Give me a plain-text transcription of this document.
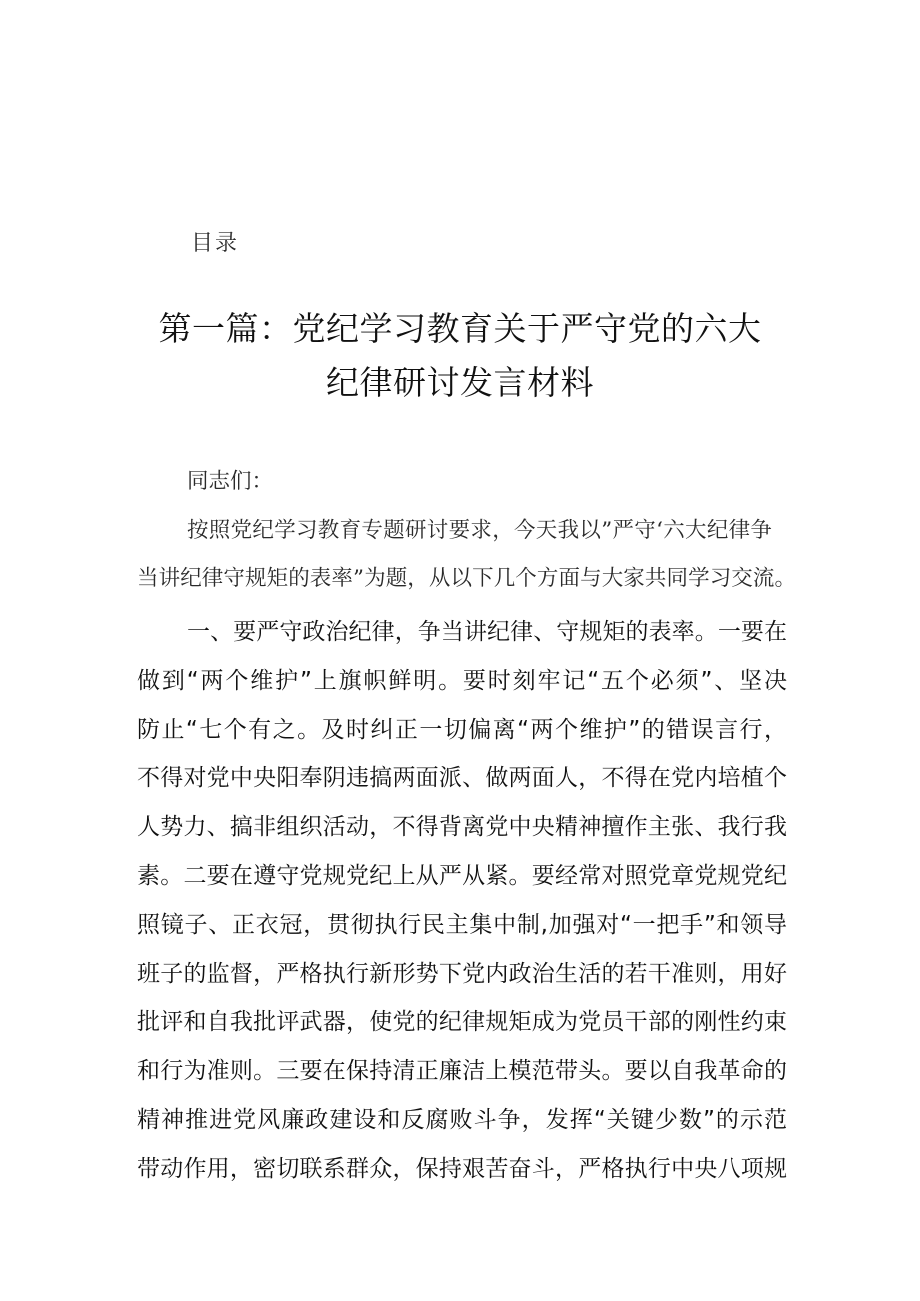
目录
第一篇：党纪学习教育关于严守党的六大
纪律研讨发言材料
同志们：
按照党纪学习教育专题研讨要求，今天我以”严守‘六大纪律争
当讲纪律守规矩的表率”为题，从以下几个方面与大家共同学习交流。
一、要严守政治纪律，争当讲纪律、守规矩的表率。一要在
做到“两个维护”上旗帜鲜明。要时刻牢记“五个必须”、坚决
防止“七个有之。及时纠正一切偏离“两个维护”的错误言行，
不得对党中央阳奉阴违搞两面派、做两面人，不得在党内培植个
人势力、搞非组织活动，不得背离党中央精神擅作主张、我行我
素。二要在遵守党规党纪上从严从紧。要经常对照党章党规党纪
照镜子、正衣冠，贯彻执行民主集中制,加强对“一把手”和领导
班子的监督，严格执行新形势下党内政治生活的若干准则，用好
批评和自我批评武器，使党的纪律规矩成为党员干部的刚性约束
和行为准则。三要在保持清正廉洁上模范带头。要以自我革命的
精神推进党风廉政建设和反腐败斗争，发挥“关键少数”的示范
带动作用，密切联系群众，保持艰苦奋斗，严格执行中央八项规
